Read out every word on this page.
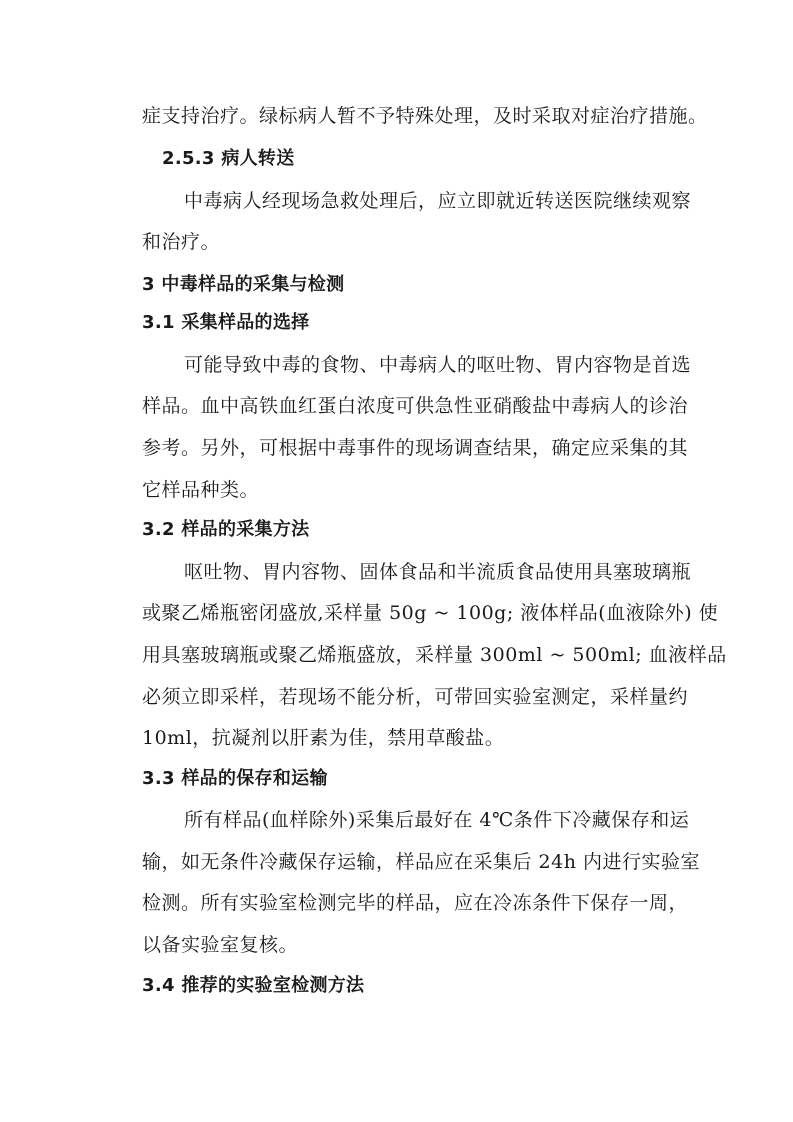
症支持治疗。绿标病人暂不予特殊处理，及时采取对症治疗措施。
2.5.3 病人转送
中毒病人经现场急救处理后，应立即就近转送医院继续观察
和治疗。
3 中毒样品的采集与检测
3.1 采集样品的选择
可能导致中毒的食物、中毒病人的呕吐物、胃内容物是首选
样品。血中高铁血红蛋白浓度可供急性亚硝酸盐中毒病人的诊治
参考。另外，可根据中毒事件的现场调查结果，确定应采集的其
它样品种类。
3.2 样品的采集方法
呕吐物、胃内容物、固体食品和半流质食品使用具塞玻璃瓶
或聚乙烯瓶密闭盛放,采样量 50g ~ 100g; 液体样品(血液除外) 使
用具塞玻璃瓶或聚乙烯瓶盛放，采样量 300ml ~ 500ml; 血液样品
必须立即采样，若现场不能分析，可带回实验室测定，采样量约
10ml，抗凝剂以肝素为佳，禁用草酸盐。
3.3 样品的保存和运输
所有样品(血样除外)采集后最好在 4℃条件下冷藏保存和运
输，如无条件冷藏保存运输，样品应在采集后 24h 内进行实验室
检测。所有实验室检测完毕的样品，应在冷冻条件下保存一周，
以备实验室复核。
3.4 推荐的实验室检测方法
